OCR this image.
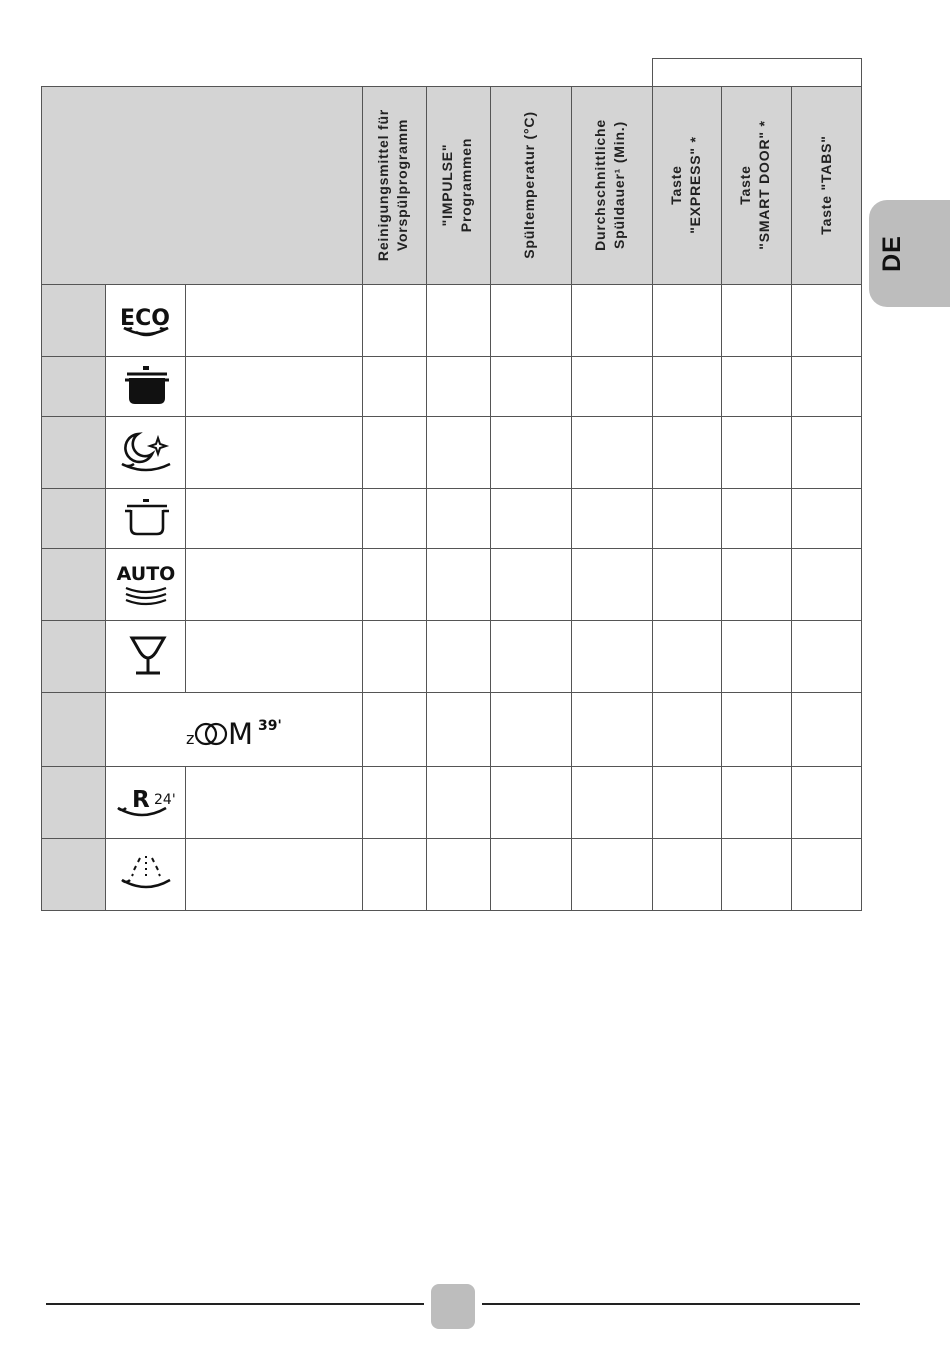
DE
Reinigungsmittel für
Vorspülprogramm "IMPULSE"
Programmen	Spültemperatur (°C)	Durchschnittliche
Spüldauer¹ (Min.)
Taste
"EXPRESS" *
Taste
"SMART DOOR" *
Taste "TABS"
ECO
AUTO
z M 39'
R 24'
